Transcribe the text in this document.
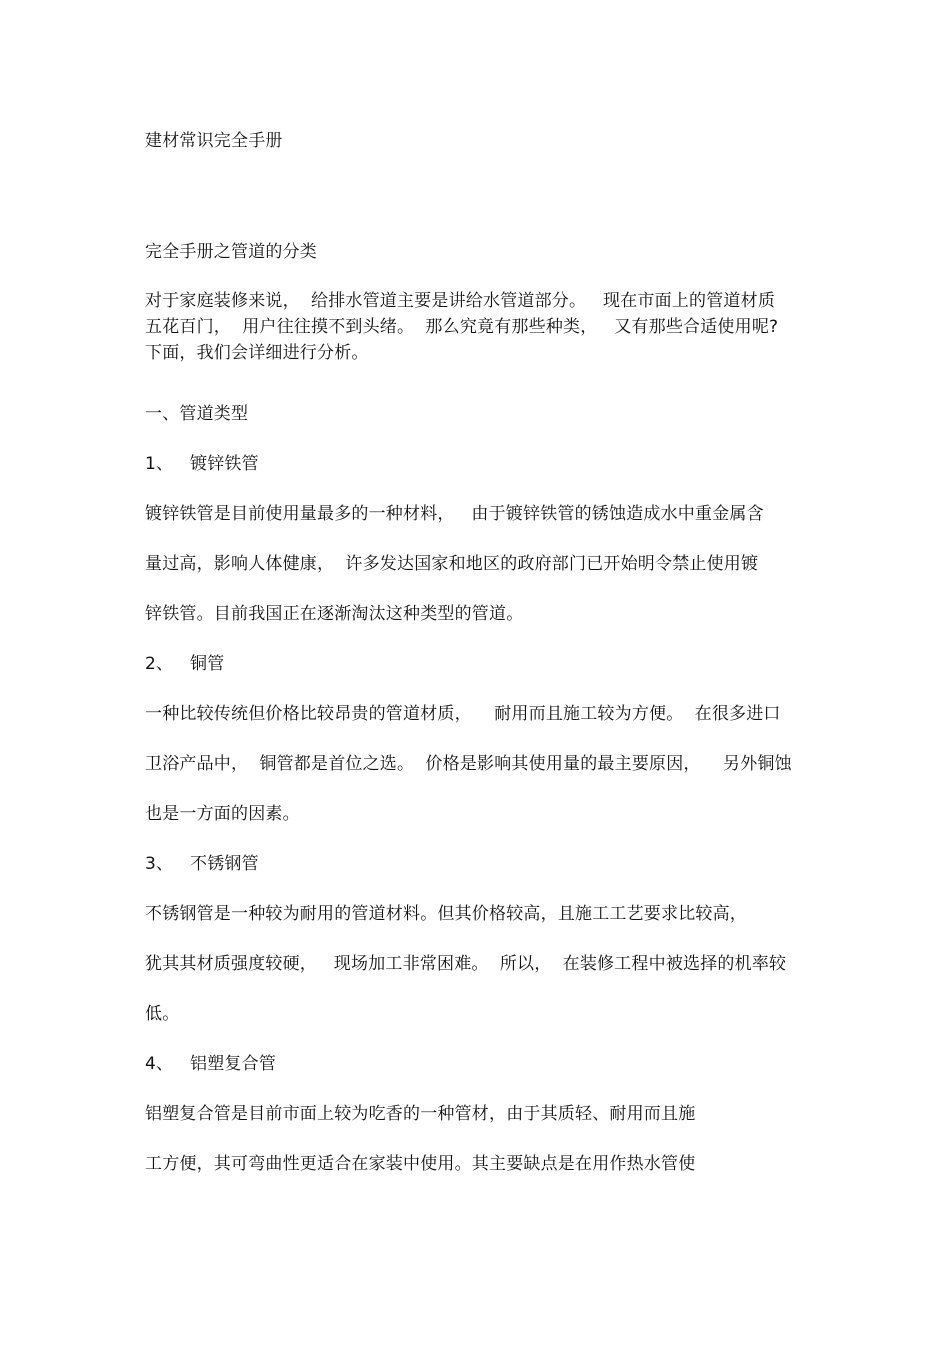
建材常识完全手册
完全手册之管道的分类
对于家庭装修来说，  给排水管道主要是讲给水管道部分。   现在市面上的管道材质
五花百门，  用户往往摸不到头绪。  那么究竟有那些种类，   又有那些合适使用呢?
下面，我们会详细进行分析。
一、管道类型
1、   镀锌铁管
镀锌铁管是目前使用量最多的一种材料，   由于镀锌铁管的锈蚀造成水中重金属含
量过高，影响人体健康，  许多发达国家和地区的政府部门已开始明令禁止使用镀
锌铁管。目前我国正在逐渐淘汰这种类型的管道。
2、   铜管
一种比较传统但价格比较昂贵的管道材质，    耐用而且施工较为方便。  在很多进口
卫浴产品中，  铜管都是首位之选。  价格是影响其使用量的最主要原因，    另外铜蚀
也是一方面的因素。
3、   不锈钢管
不锈钢管是一种较为耐用的管道材料。但其价格较高，且施工工艺要求比较高，
犹其其材质强度较硬，   现场加工非常困难。  所以，  在装修工程中被选择的机率较
低。
4、   铝塑复合管
铝塑复合管是目前市面上较为吃香的一种管材，由于其质轻、耐用而且施
工方便，其可弯曲性更适合在家装中使用。其主要缺点是在用作热水管使
